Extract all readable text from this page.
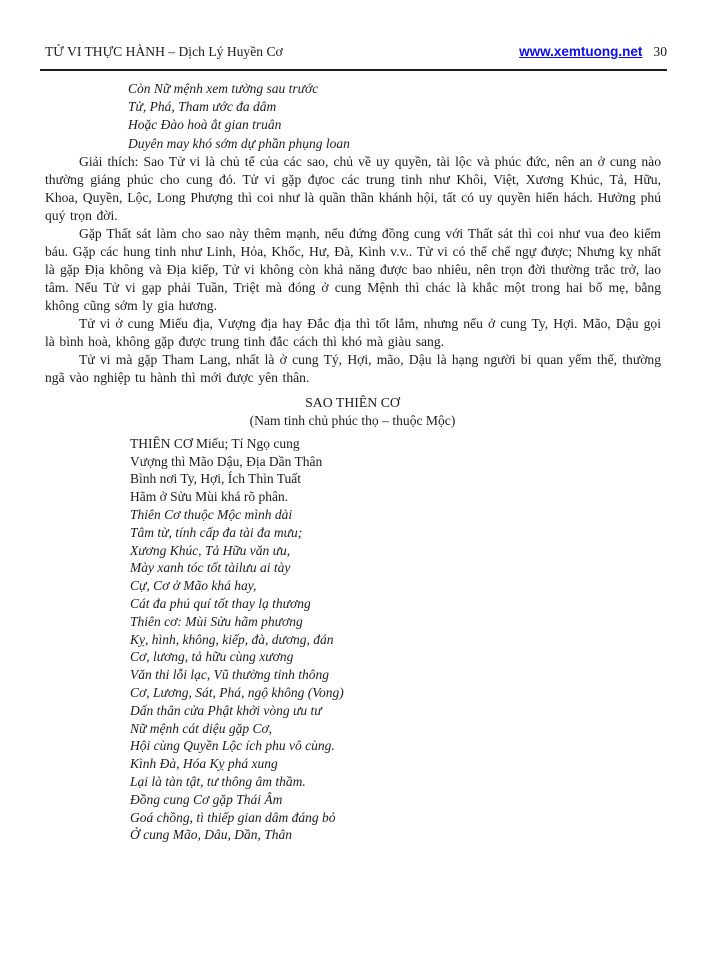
TỬ VI THỰC HÀNH – Dịch Lý Huyền Cơ	www.xemtuong.net 30
Còn Nữ mệnh xem tường sau trước
Tử, Phá, Tham ước đa dâm
Hoặc Đào hoà ắt gian truân
Duyên may khó sớm dự phần phụng loan

Giải thích: Sao Tử vi là chủ tể của các sao, chủ về uy quyền, tài lộc và phúc đức, nên an ở cung nào thường giáng phúc cho cung đó. Tử vi gặp đựoc các trung tinh như Khôi, Việt, Xương Khúc, Tả, Hữu, Khoa, Quyền, Lộc, Long Phượng thì coi như là quần thần khánh hội, tất có uy quyền hiển hách. Hưởng phú quý trọn đời.

Gặp Thất sát làm cho sao này thêm mạnh, nếu đứng đồng cung với Thất sát thì coi như vua đeo kiếm báu. Gặp các hung tinh như Linh, Hỏa, Khốc, Hư, Đà, Kình v.v.. Tử vi có thể chế ngự được; Nhưng kỵ nhất là gặp Địa không và Địa kiếp, Tử vi không còn khả năng được bao nhiêu, nên trọn đời thường trắc trở, lao tâm. Nếu Tử vi gạp phải Tuần, Triệt mà đóng ở cung Mệnh thì chác là khắc một trong hai bố mẹ, bằng không cũng sớm ly gia hương.

Tử vi ở cung Miếu địa, Vượng địa hay Đắc địa thì tốt lắm, nhưng nếu ở cung Ty, Hợi. Mão, Dậu gọi là bình hoà, không gặp được trung tinh đắc cách thì khó mà giàu sang.

Tử vi mà gặp Tham Lang, nhất là ở cung Tý, Hợi, mão, Dậu là hạng người bi quan yếm thế, thường ngã vào nghiệp tu hành thì mới được yên thân.

SAO THIÊN CƠ
(Nam tinh chủ phúc thọ – thuộc Mộc)
THIÊN CƠ Miếu; Tí Ngọ cung
Vượng thì Mão Dậu, Địa Dần Thân
Bình nơi Ty, Hợi, Ích Thìn Tuất
Hãm ở Sửu Mùi khá rõ phân.
Thiên Cơ thuộc Mộc mình dài
Tâm từ, tính cấp đa tài đa mưu;
Xương Khúc, Tả Hữu văn ưu,
Mày xanh tóc tốt tàilưu ai tày
Cự, Cơ ở Mão khá hay,
Cát đa phú quí tốt thay lạ thương
Thiên cơ: Mùi Sửu hãm phương
Kỵ, hình, không, kiếp, đà, dương, đán
Cơ, lương, tả hữu cùng xương
Văn thi lỗi lạc, Vũ thường tinh thông
Cơ, Lương, Sát, Phá, ngộ không (Vong)
Dấn thân cửa Phật khởi vòng ưu tư
Nữ mệnh cát diệu gặp Cơ,
Hội cùng Quyền Lộc ích phu vô cùng.
Kình Đà, Hóa Kỵ phá xung
Lại là tàn tật, tư thông âm thầm.
Đồng cung Cơ gặp Thái Âm
Goá chồng, tì thiếp gian dâm đáng bỏ
Ở cung Mão, Dâu, Dần, Thân
